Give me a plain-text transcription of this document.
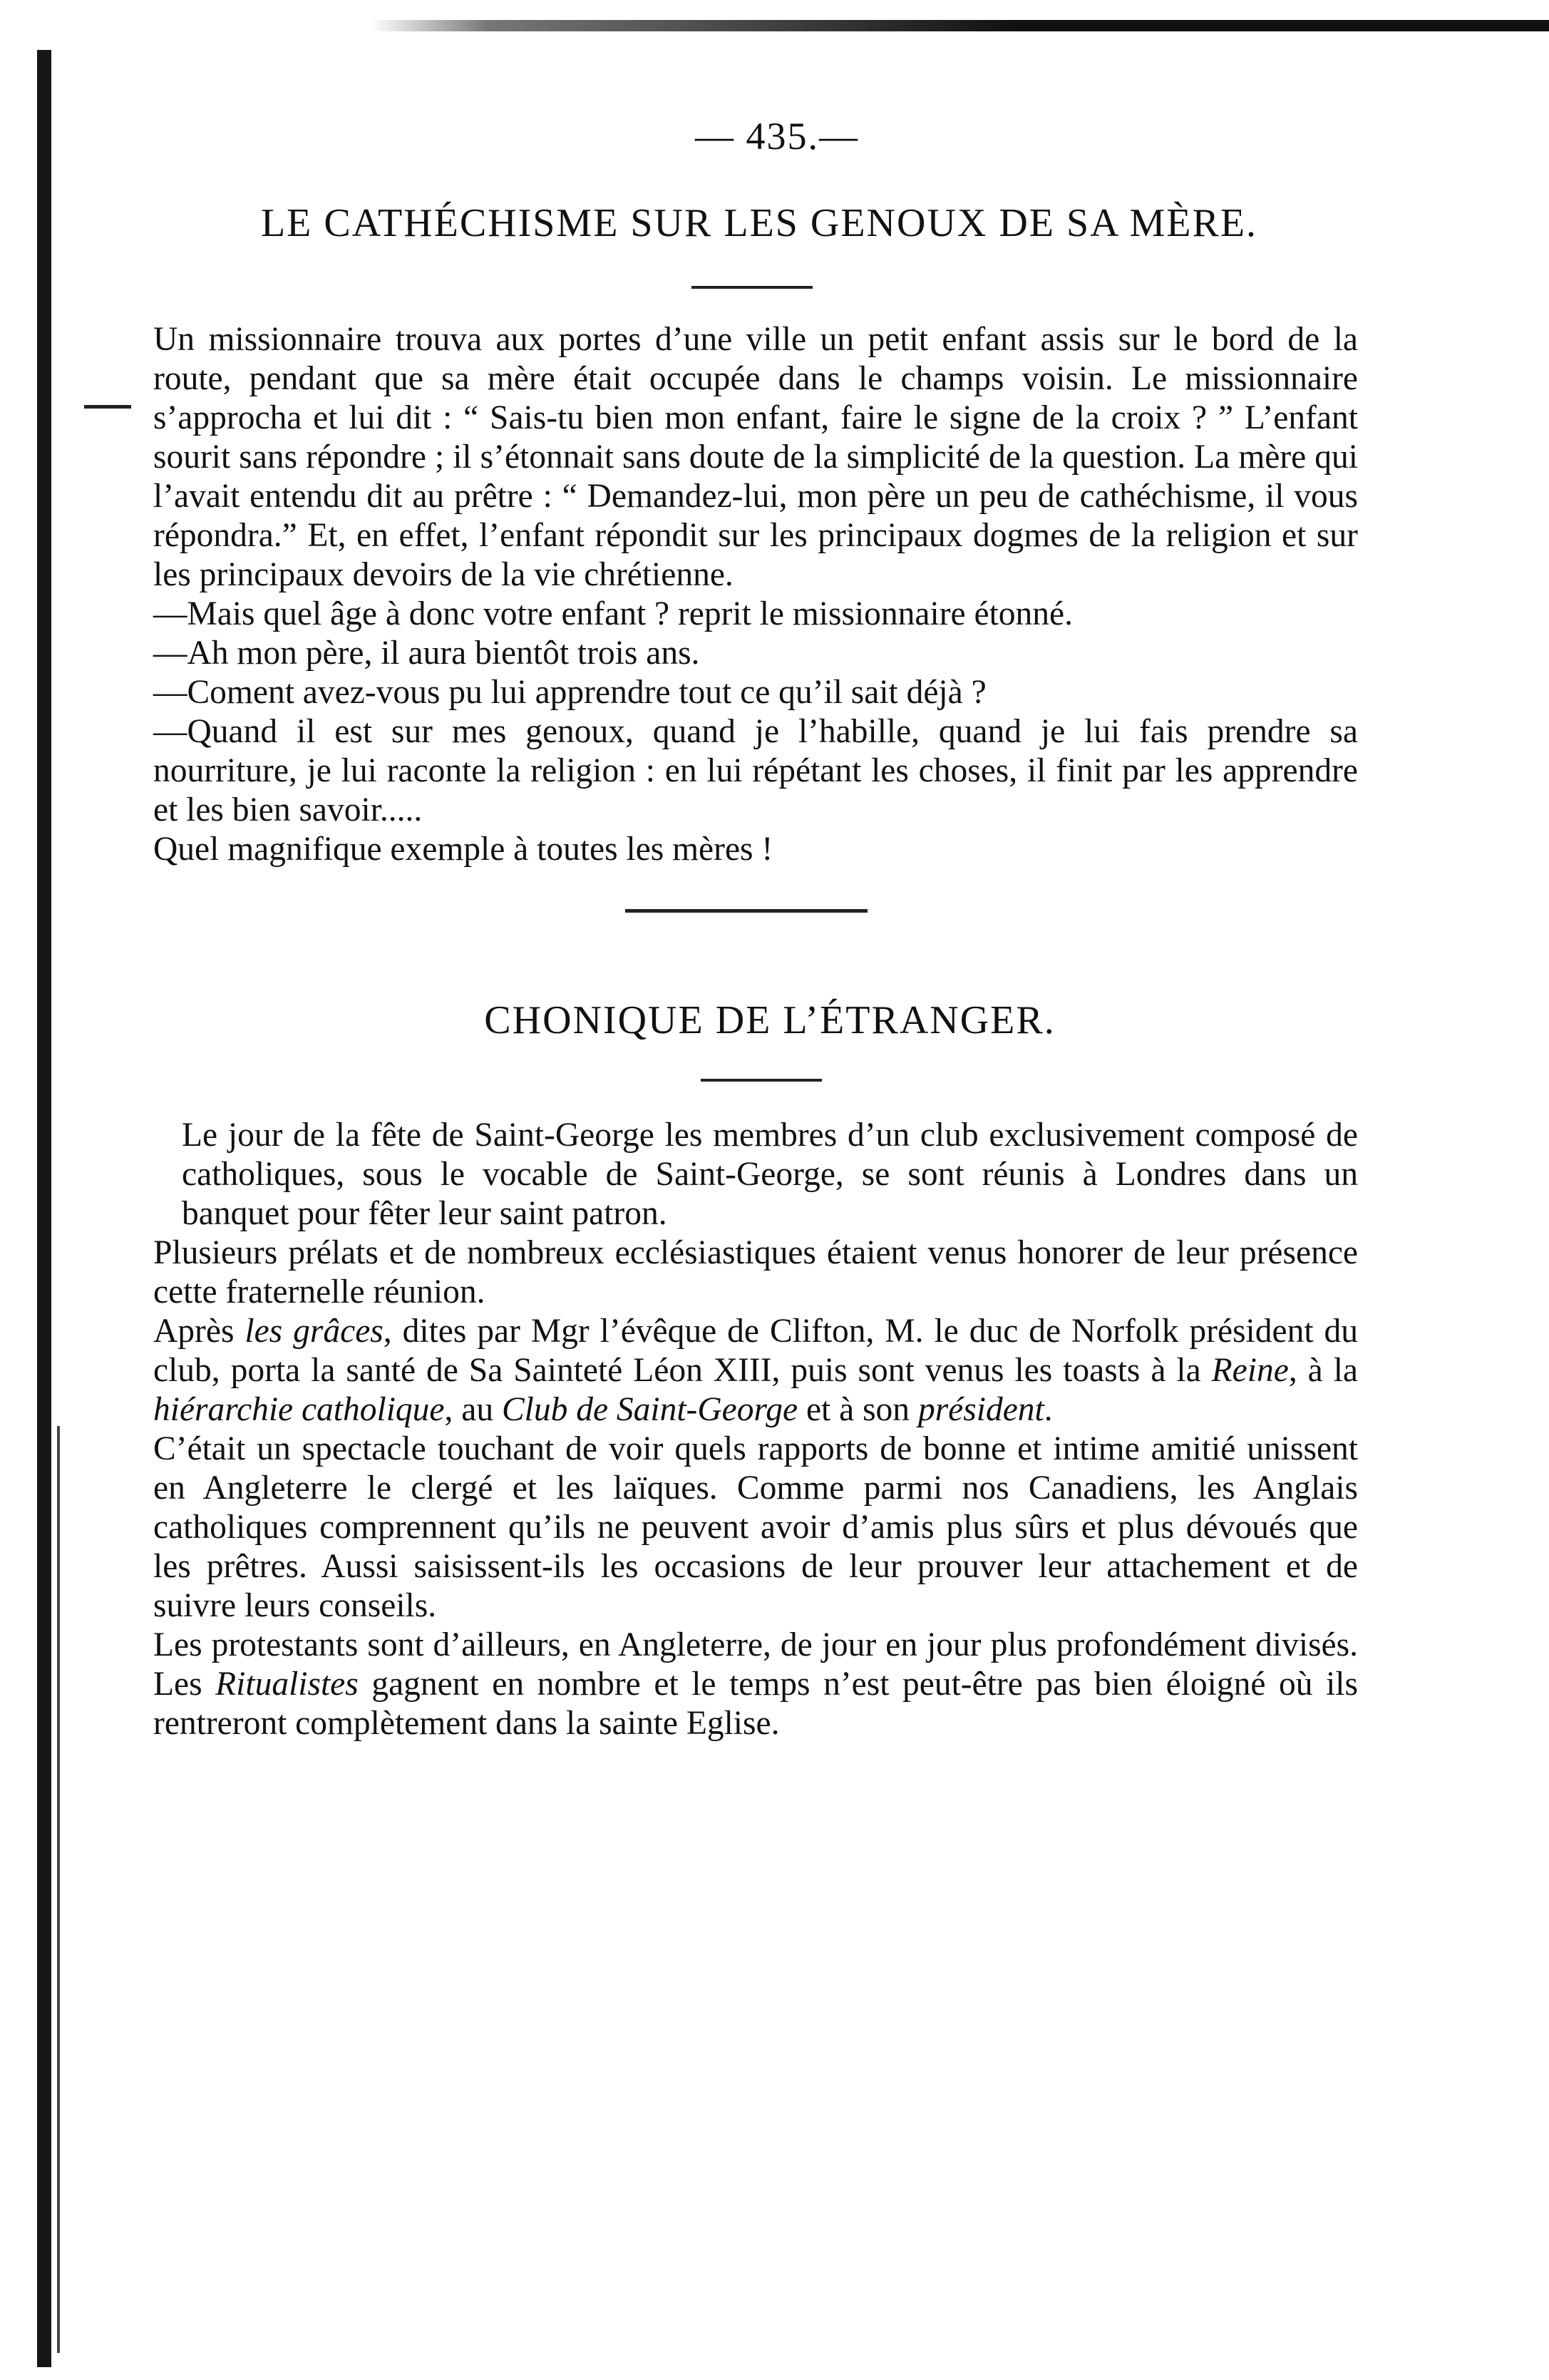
— 435.—
LE CATHÉCHISME SUR LES GENOUX DE SA MÈRE.

Un missionnaire trouva aux portes d’une ville un petit enfant assis sur le bord de la route, pendant que sa mère était occupée dans le champs voisin. Le missionnaire s’approcha et lui dit : “ Sais-tu bien mon enfant, faire le signe de la croix ? ” L’enfant sourit sans répondre ; il s’étonnait sans doute de la simplicité de la question. La mère qui l’avait entendu dit au prêtre : “ Demandez-lui, mon père un peu de cathéchisme, il vous répondra.” Et, en effet, l’enfant répondit sur les principaux dogmes de la religion et sur les principaux devoirs de la vie chrétienne.

—Mais quel âge à donc votre enfant ? reprit le missionnaire étonné.

—Ah mon père, il aura bientôt trois ans.

—Coment avez-vous pu lui apprendre tout ce qu’il sait déjà ?

—Quand il est sur mes genoux, quand je l’habille, quand je lui fais prendre sa nourriture, je lui raconte la religion : en lui répétant les choses, il finit par les apprendre et les bien savoir.....

Quel magnifique exemple à toutes les mères !

CHONIQUE DE L’ÉTRANGER.

Le jour de la fête de Saint-George les membres d’un club exclusivement composé de catholiques, sous le vocable de Saint-George, se sont réunis à Londres dans un banquet pour fêter leur saint patron.

Plusieurs prélats et de nombreux ecclésiastiques étaient venus honorer de leur présence cette fraternelle réunion.

Après les grâces, dites par Mgr l’évêque de Clifton, M. le duc de Norfolk président du club, porta la santé de Sa Sainteté Léon XIII, puis sont venus les toasts à la Reine, à la hiérarchie catholique, au Club de Saint-George et à son président.

C’était un spectacle touchant de voir quels rapports de bonne et intime amitié unissent en Angleterre le clergé et les laïques. Comme parmi nos Canadiens, les Anglais catholiques comprennent qu’ils ne peuvent avoir d’amis plus sûrs et plus dévoués que les prêtres. Aussi saisissent-ils les occasions de leur prouver leur attachement et de suivre leurs conseils.

Les protestants sont d’ailleurs, en Angleterre, de jour en jour plus profondément divisés. Les Ritualistes gagnent en nombre et le temps n’est peut-être pas bien éloigné où ils rentreront complètement dans la sainte Eglise.
